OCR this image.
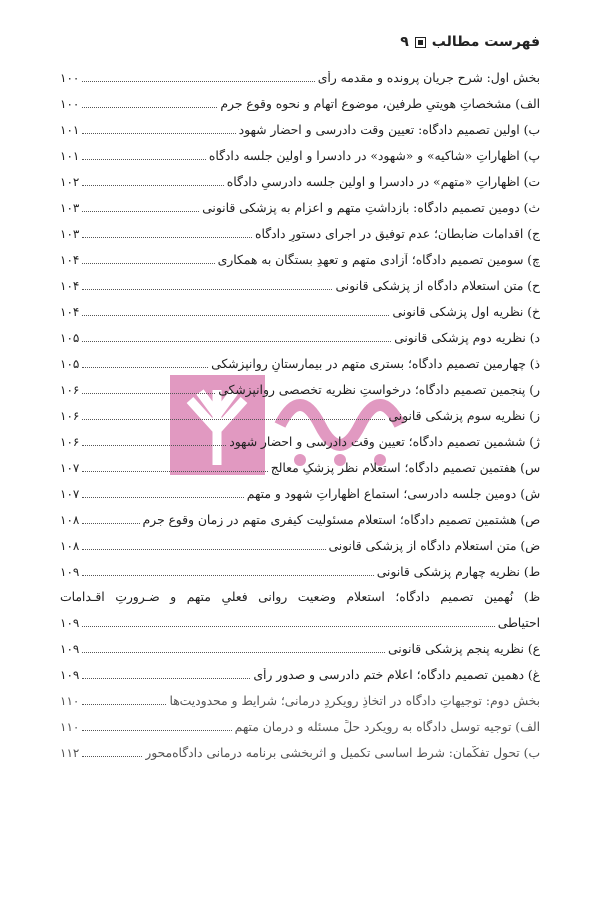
فهرست مطالب
۹
بخش اول: شرح جریان پرونده و مقدمه رأی
۱۰۰
الف) مشخصاتِ هویتیِ طرفین، موضوع اتهام و نحوه وقوع جرم
۱۰۰
ب) اولین تصمیم دادگاه: تعیین وقت دادرسی و احضار شهود
۱۰۱
پ) اظهاراتِ «شاکیه» و «شهود» در دادسرا و اولین جلسه دادگاه
۱۰۱
ت) اظهاراتِ «متهم» در دادسرا و اولین جلسه دادرسیِ دادگاه
۱۰۲
ث) دومین تصمیم دادگاه: بازداشتِ متهم و اعزام به پزشکی قانونی
۱۰۳
ج) اقدامات ضابطان؛ عدم توفیق در اجرای دستورِ دادگاه
۱۰۳
چ) سومین تصمیم دادگاه؛ آزادی متهم و تعهدِ بستگان به همکاری
۱۰۴
ح) متن استعلام دادگاه از پزشکی قانونی
۱۰۴
خ) نظریه اول پزشکی قانونی
۱۰۴
د) نظریه دوم پزشکی قانونی
۱۰۵
ذ) چهارمین تصمیم دادگاه؛ بستری متهم در بیمارستانِ روانپزشکی
۱۰۵
ر) پنجمین تصمیم دادگاه؛ درخواستِ نظریه تخصصی روانپزشکی
۱۰۶
ز) نظریه سوم پزشکی قانونی
۱۰۶
ژ) ششمین تصمیم دادگاه؛ تعیینِ وقت دادرسی و احضار شهود
۱۰۶
س) هفتمین تصمیم دادگاه؛ استعلام نظر پزشکِ معالج
۱۰۷
ش) دومین جلسه دادرسی؛ استماعِ اظهاراتِ شهود و متهم
۱۰۷
ص) هشتمین تصمیم دادگاه؛ استعلام مسئولیت کیفری متهم در زمان وقوع جرم
۱۰۸
ض) متن استعلام دادگاه از پزشکی قانونی
۱۰۸
ط) نظریه چهارم پزشکی قانونی
۱۰۹
ظ) نُهمین تصمیم دادگاه؛ استعلام وضعیت روانی فعلیِ متهم و ضـرورتِ اقـدامات
احتیاطی
۱۰۹
ع) نظریه پنجم پزشکی قانونی
۱۰۹
غ) دهمین تصمیم دادگاه؛ اعلام ختم دادرسی و صدور رأی
۱۰۹
بخش دوم: توجیهاتِ دادگاه در اتخاذِ رویکردِ درمانی؛ شرایط و محدودیت‌ها
۱۱۰
الف) توجیه توسل دادگاه به رویکرد حلِّ مسئله و درمان متهم
۱۱۰
ب) تحول تفکّمان: شرط اساسی تکمیل و اثربخشی برنامه درمانی دادگاه‌محور
۱۱۲
